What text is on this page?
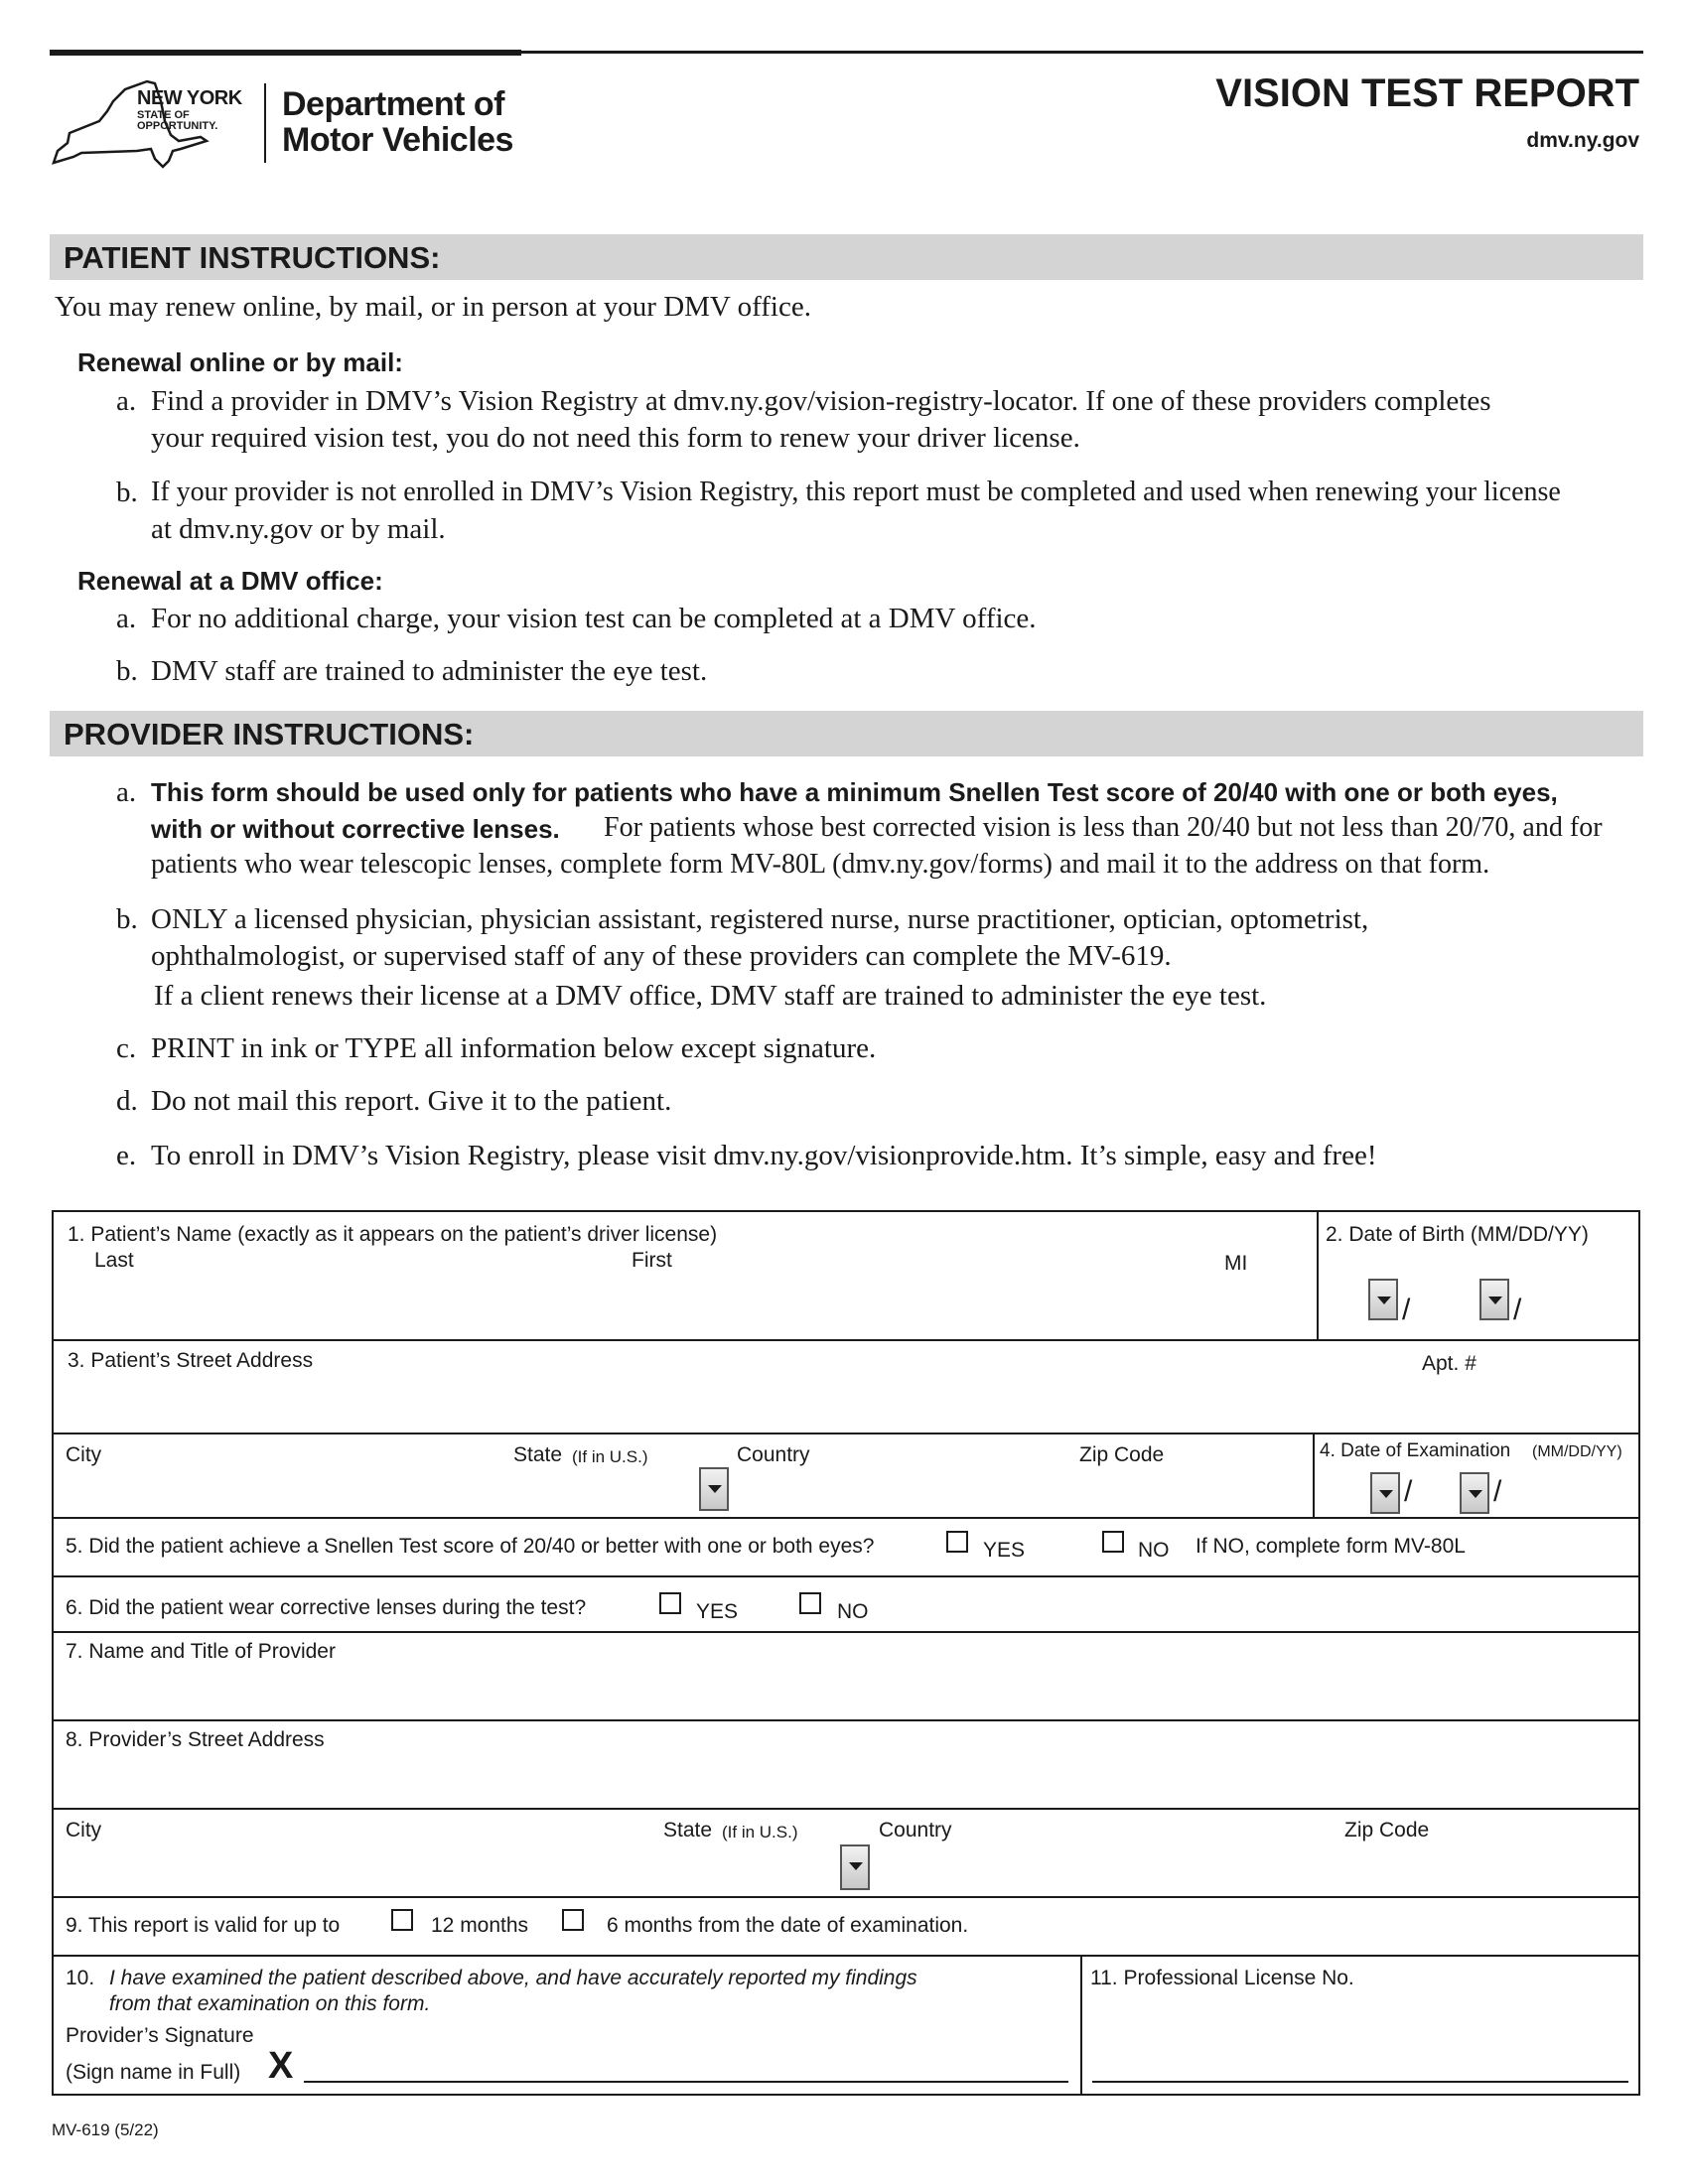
NEW YORK
STATE OF
OPPORTUNITY.
Department of
Motor Vehicles
VISION TEST REPORT
dmv.ny.gov
PATIENT INSTRUCTIONS:
You may renew online, by mail, or in person at your DMV office.
Renewal online or by mail:
a. Find a provider in DMV’s Vision Registry at dmv.ny.gov/vision-registry-locator. If one of these providers completes
your required vision test, you do not need this form to renew your driver license.
b. If your provider is not enrolled in DMV’s Vision Registry, this report must be completed and used when renewing your license
at dmv.ny.gov or by mail.
Renewal at a DMV office:
a. For no additional charge, your vision test can be completed at a DMV office.
b. DMV staff are trained to administer the eye test.
PROVIDER INSTRUCTIONS:
a. This form should be used only for patients who have a minimum Snellen Test score of 20/40 with one or both eyes,
with or without corrective lenses. For patients whose best corrected vision is less than 20/40 but not less than 20/70, and for
patients who wear telescopic lenses, complete form MV-80L (dmv.ny.gov/forms) and mail it to the address on that form.
b. ONLY a licensed physician, physician assistant, registered nurse, nurse practitioner, optician, optometrist,
ophthalmologist, or supervised staff of any of these providers can complete the MV-619.
If a client renews their license at a DMV office, DMV staff are trained to administer the eye test.
c. PRINT in ink or TYPE all information below except signature.
d. Do not mail this report. Give it to the patient.
e. To enroll in DMV’s Vision Registry, please visit dmv.ny.gov/visionprovide.htm. It’s simple, easy and free!
1. Patient’s Name (exactly as it appears on the patient’s driver license)
Last	First	MI
2. Date of Birth (MM/DD/YY)
/	/
3. Patient’s Street Address	Apt. #
City	State (If in U.S.)	Country	Zip Code	4. Date of Examination (MM/DD/YY)
/	/
5. Did the patient achieve a Snellen Test score of 20/40 or better with one or both eyes?	YES	NO If NO, complete form MV-80L
6. Did the patient wear corrective lenses during the test?	YES	NO
7. Name and Title of Provider
8. Provider’s Street Address
City	State (If in U.S.)	Country	Zip Code
9. This report is valid for up to	12 months	6 months from the date of examination.
10. I have examined the patient described above, and have accurately reported my findings
from that examination on this form.
Provider’s Signature
(Sign name in Full) X
11. Professional License No.
MV-619 (5/22)
